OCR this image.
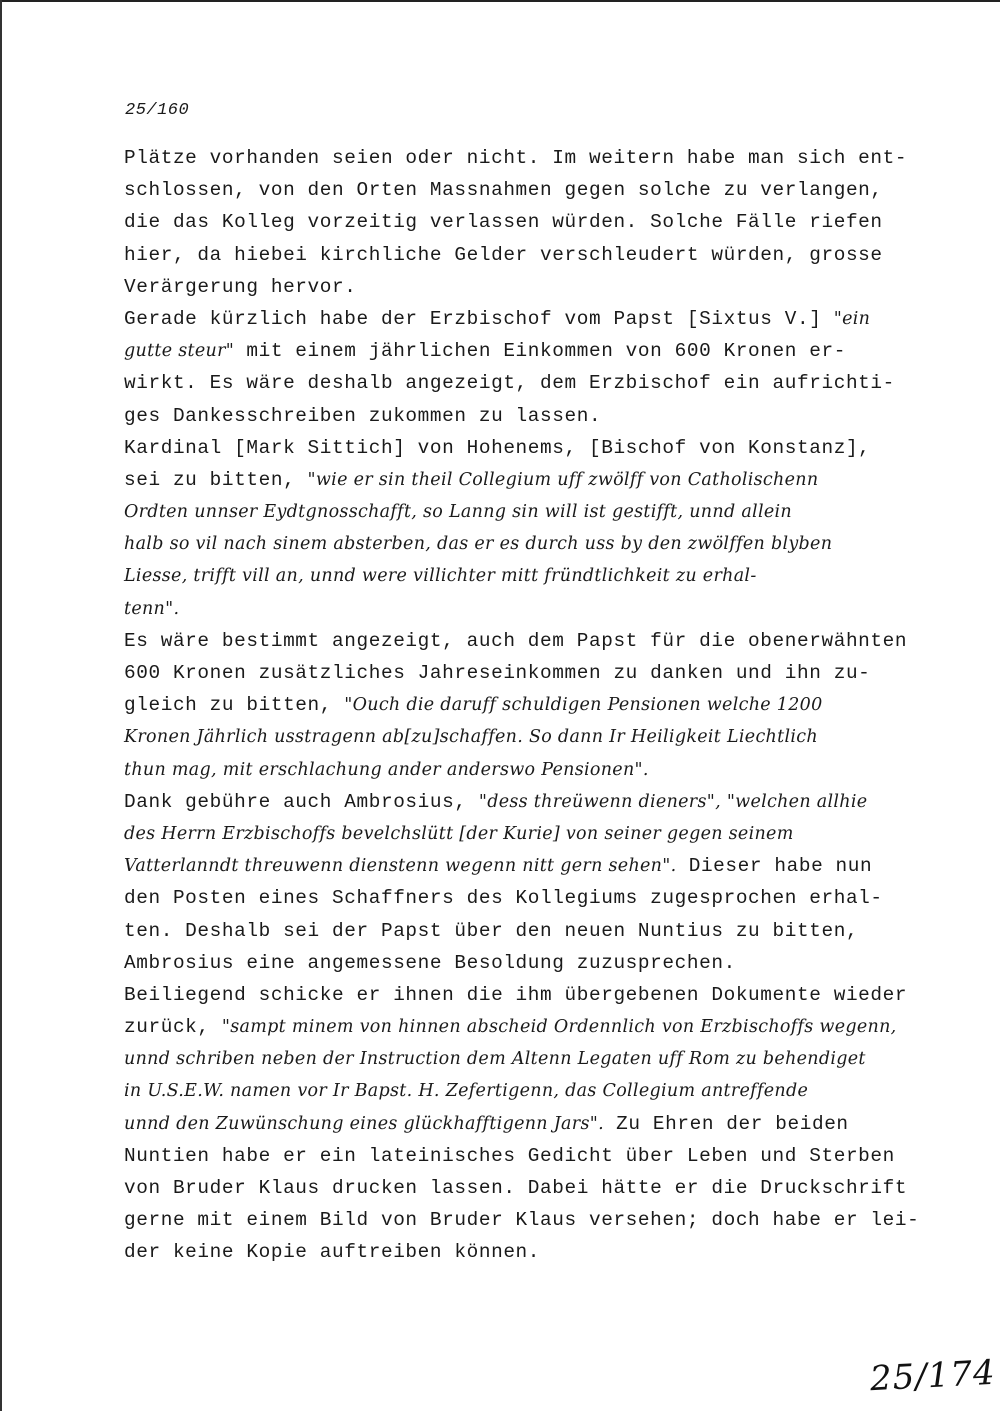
25/160
Plätze vorhanden seien oder nicht. Im weitern habe man sich ent-
schlossen, von den Orten Massnahmen gegen solche zu verlangen,
die das Kolleg vorzeitig verlassen würden. Solche Fälle riefen
hier, da hiebei kirchliche Gelder verschleudert würden, grosse
Verärgerung hervor.
Gerade kürzlich habe der Erzbischof vom Papst [Sixtus V.] "ein
gutte steur" mit einem jährlichen Einkommen von 600 Kronen er-
wirkt. Es wäre deshalb angezeigt, dem Erzbischof ein aufrichti-
ges Dankesschreiben zukommen zu lassen.
Kardinal [Mark Sittich] von Hohenems, [Bischof von Konstanz],
sei zu bitten, "wie er sin theil Collegium uff zwölff von Catholischenn
Ordten unnser Eydtgnosschafft, so Lanng sin will ist gestifft, unnd allein
halb so vil nach sinem absterben, das er es durch uss by den zwölffen blyben
Liesse, trifft vill an, unnd were villichter mitt fründtlichkeit zu erhal-
tenn".
Es wäre bestimmt angezeigt, auch dem Papst für die obenerwähnten
600 Kronen zusätzliches Jahreseinkommen zu danken und ihn zu-
gleich zu bitten, "Ouch die daruff schuldigen Pensionen welche 1200
Kronen Jährlich usstragenn ab[zu]schaffen. So dann Ir Heiligkeit Liechtlich
thun mag, mit erschlachung ander anderswo Pensionen".
Dank gebühre auch Ambrosius, "dess threüwenn dieners", "welchen allhie
des Herrn Erzbischoffs bevelchslütt [der Kurie] von seiner gegen seinem
Vatterlanndt threuwenn dienstenn wegenn nitt gern sehen". Dieser habe nun
den Posten eines Schaffners des Kollegiums zugesprochen erhal-
ten. Deshalb sei der Papst über den neuen Nuntius zu bitten,
Ambrosius eine angemessene Besoldung zuzusprechen.
Beiliegend schicke er ihnen die ihm übergebenen Dokumente wieder
zurück, "sampt minem von hinnen abscheid Ordennlich von Erzbischoffs wegenn,
unnd schriben neben der Instruction dem Altenn Legaten uff Rom zu behendiget
in U.S.E.W. namen vor Ir Bapst. H. Zefertigenn, das Collegium antreffende
unnd den Zuwünschung eines glückhafftigenn Jars". Zu Ehren der beiden
Nuntien habe er ein lateinisches Gedicht über Leben und Sterben
von Bruder Klaus drucken lassen. Dabei hätte er die Druckschrift
gerne mit einem Bild von Bruder Klaus versehen; doch habe er lei-
der keine Kopie auftreiben können.
25/174
